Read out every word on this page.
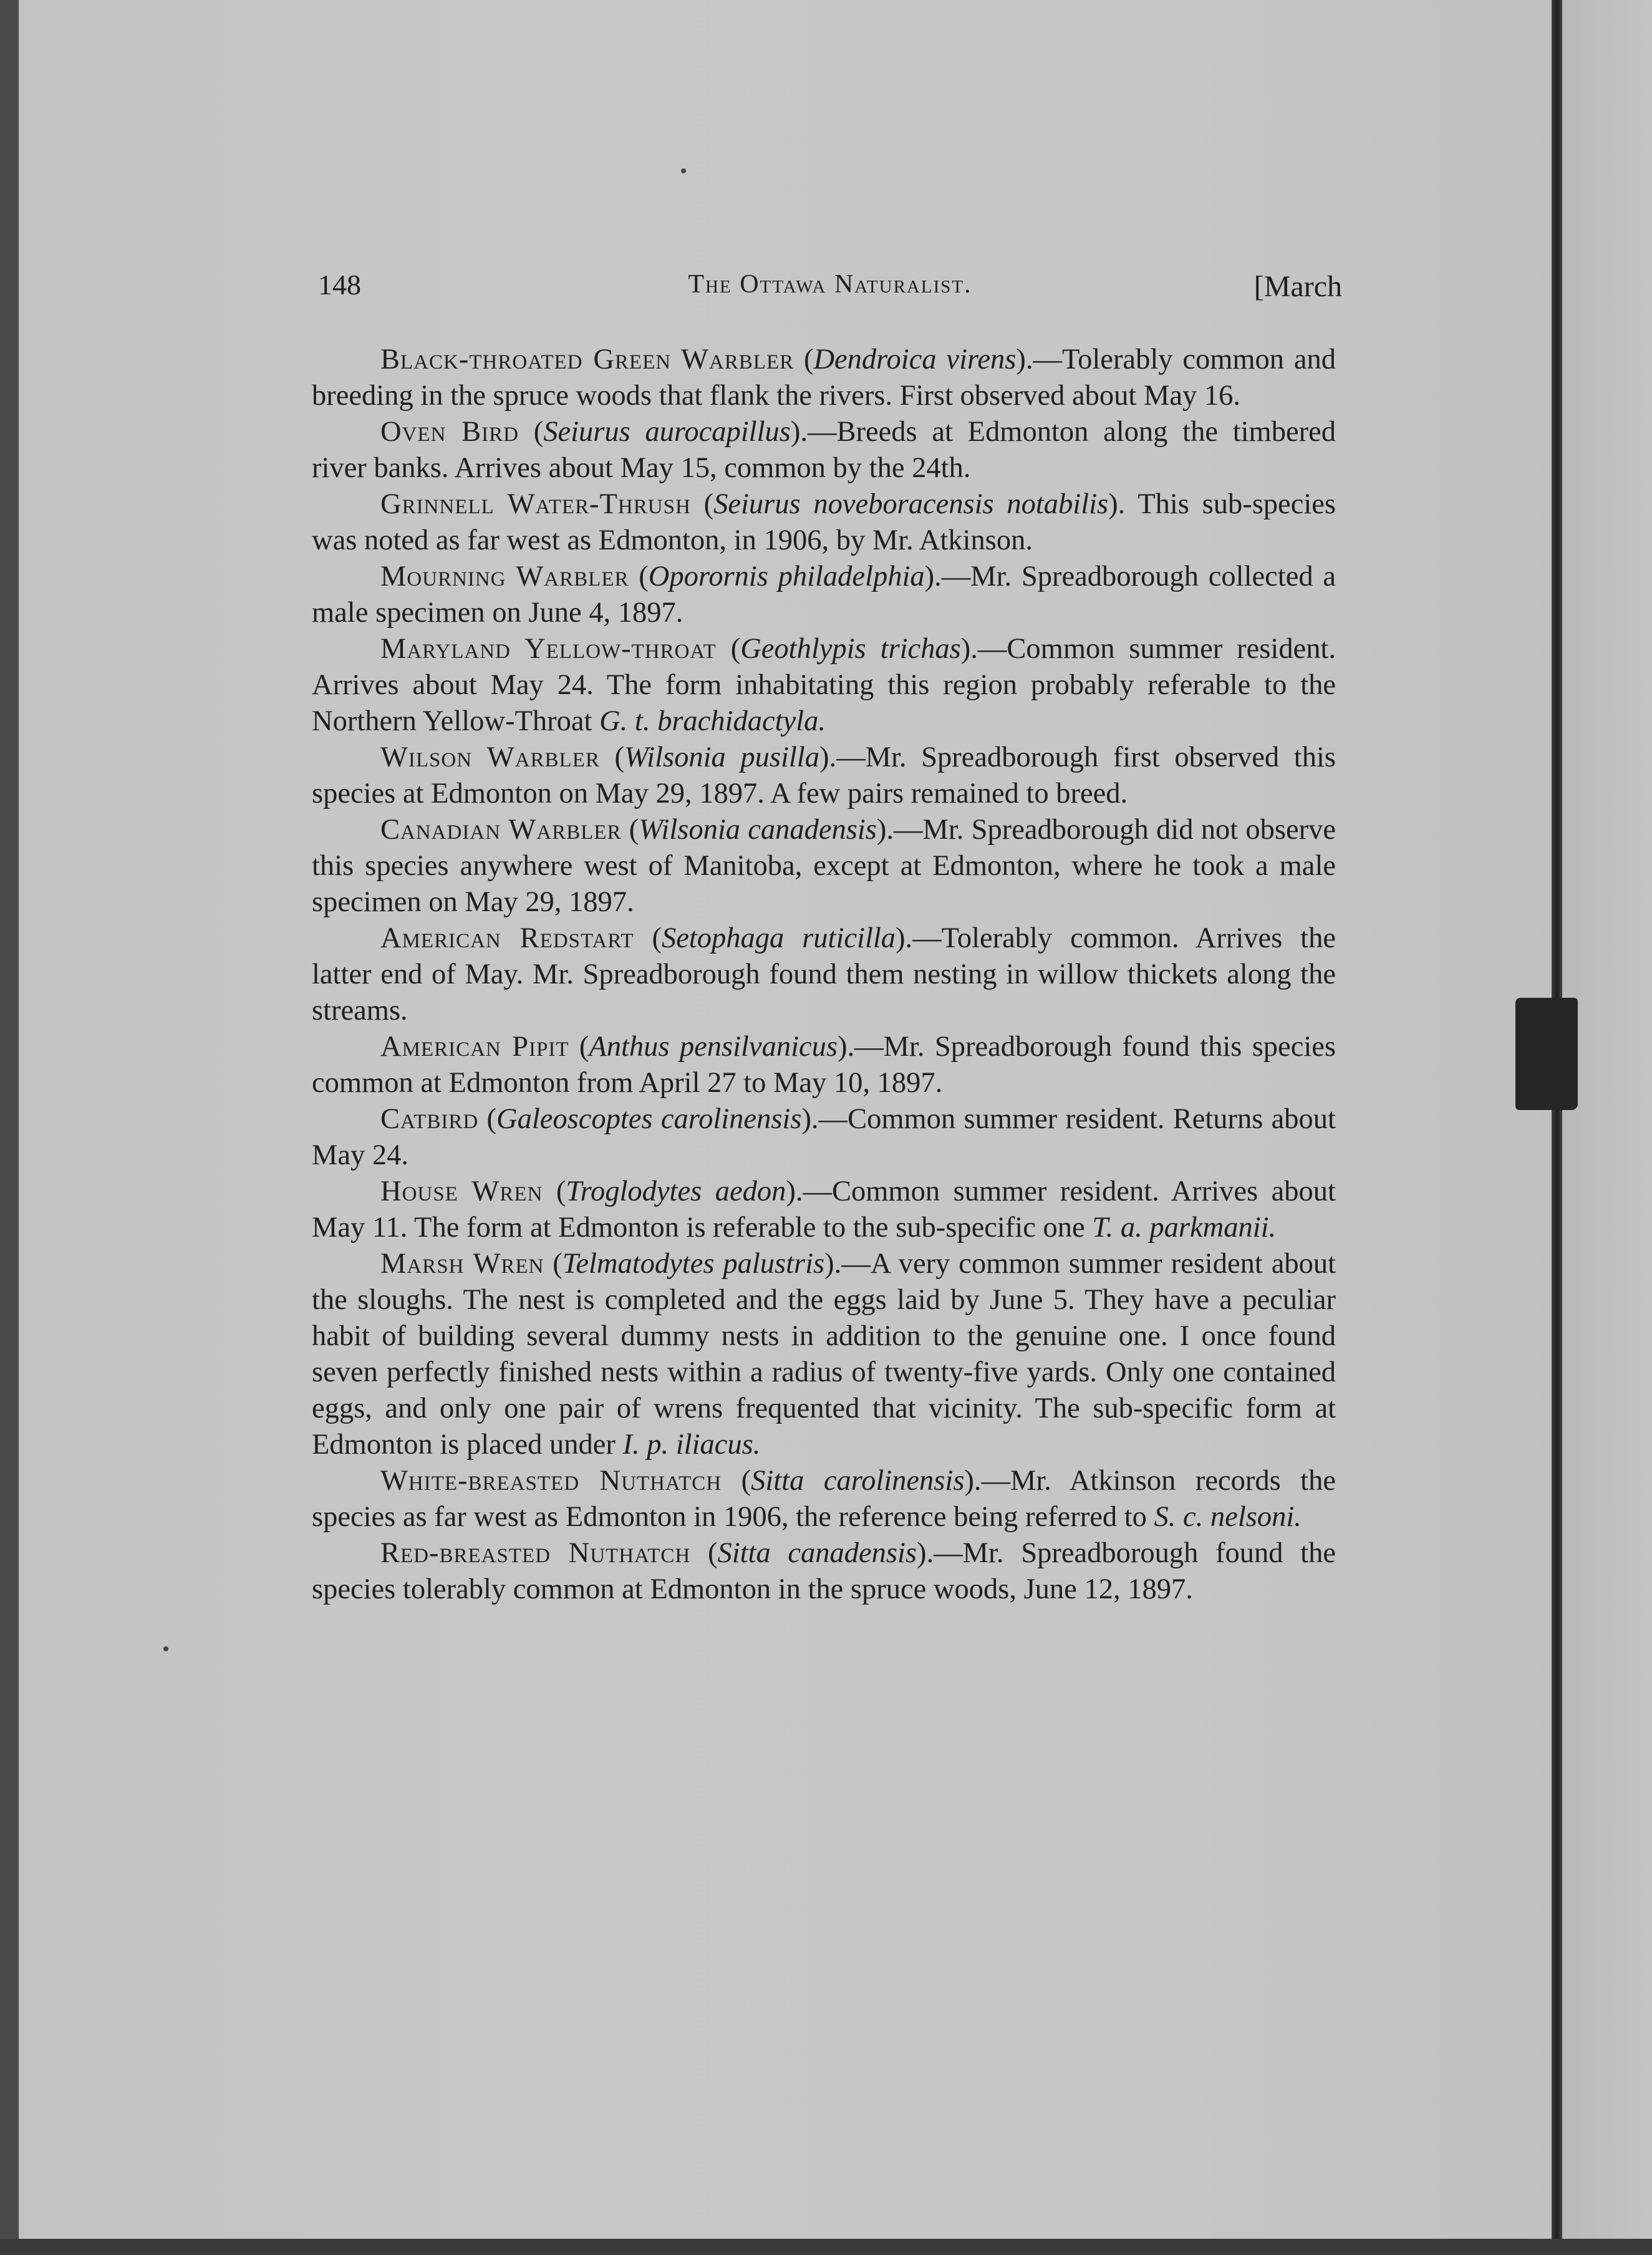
148	The Ottawa Naturalist.	[March

Black-throated Green Warbler (Dendroica virens).—Tolerably common and breeding in the spruce woods that flank the rivers. First observed about May 16.

Oven Bird (Seiurus aurocapillus).—Breeds at Edmonton along the timbered river banks. Arrives about May 15, common by the 24th.

Grinnell Water-Thrush (Seiurus noveboracensis notabilis). This sub-species was noted as far west as Edmonton, in 1906, by Mr. Atkinson.

Mourning Warbler (Oporornis philadelphia).—Mr. Spreadborough collected a male specimen on June 4, 1897.

Maryland Yellow-throat (Geothlypis trichas).—Common summer resident. Arrives about May 24. The form inhabitating this region probably referable to the Northern Yellow-Throat G. t. brachidactyla.

Wilson Warbler (Wilsonia pusilla).—Mr. Spreadborough first observed this species at Edmonton on May 29, 1897. A few pairs remained to breed.

Canadian Warbler (Wilsonia canadensis).—Mr. Spreadborough did not observe this species anywhere west of Manitoba, except at Edmonton, where he took a male specimen on May 29, 1897.

American Redstart (Setophaga ruticilla).—Tolerably common. Arrives the latter end of May. Mr. Spreadborough found them nesting in willow thickets along the streams.

American Pipit (Anthus pensilvanicus).—Mr. Spreadborough found this species common at Edmonton from April 27 to May 10, 1897.

Catbird (Galeoscoptes carolinensis).—Common summer resident. Returns about May 24.

House Wren (Troglodytes aedon).—Common summer resident. Arrives about May 11. The form at Edmonton is referable to the sub-specific one T. a. parkmanii.

Marsh Wren (Telmatodytes palustris).—A very common summer resident about the sloughs. The nest is completed and the eggs laid by June 5. They have a peculiar habit of building several dummy nests in addition to the genuine one. I once found seven perfectly finished nests within a radius of twenty-five yards. Only one contained eggs, and only one pair of wrens frequented that vicinity. The sub-specific form at Edmonton is placed under I. p. iliacus.

White-breasted Nuthatch (Sitta carolinensis).—Mr. Atkinson records the species as far west as Edmonton in 1906, the reference being referred to S. c. nelsoni.

Red-breasted Nuthatch (Sitta canadensis).—Mr. Spreadborough found the species tolerably common at Edmonton in the spruce woods, June 12, 1897.
